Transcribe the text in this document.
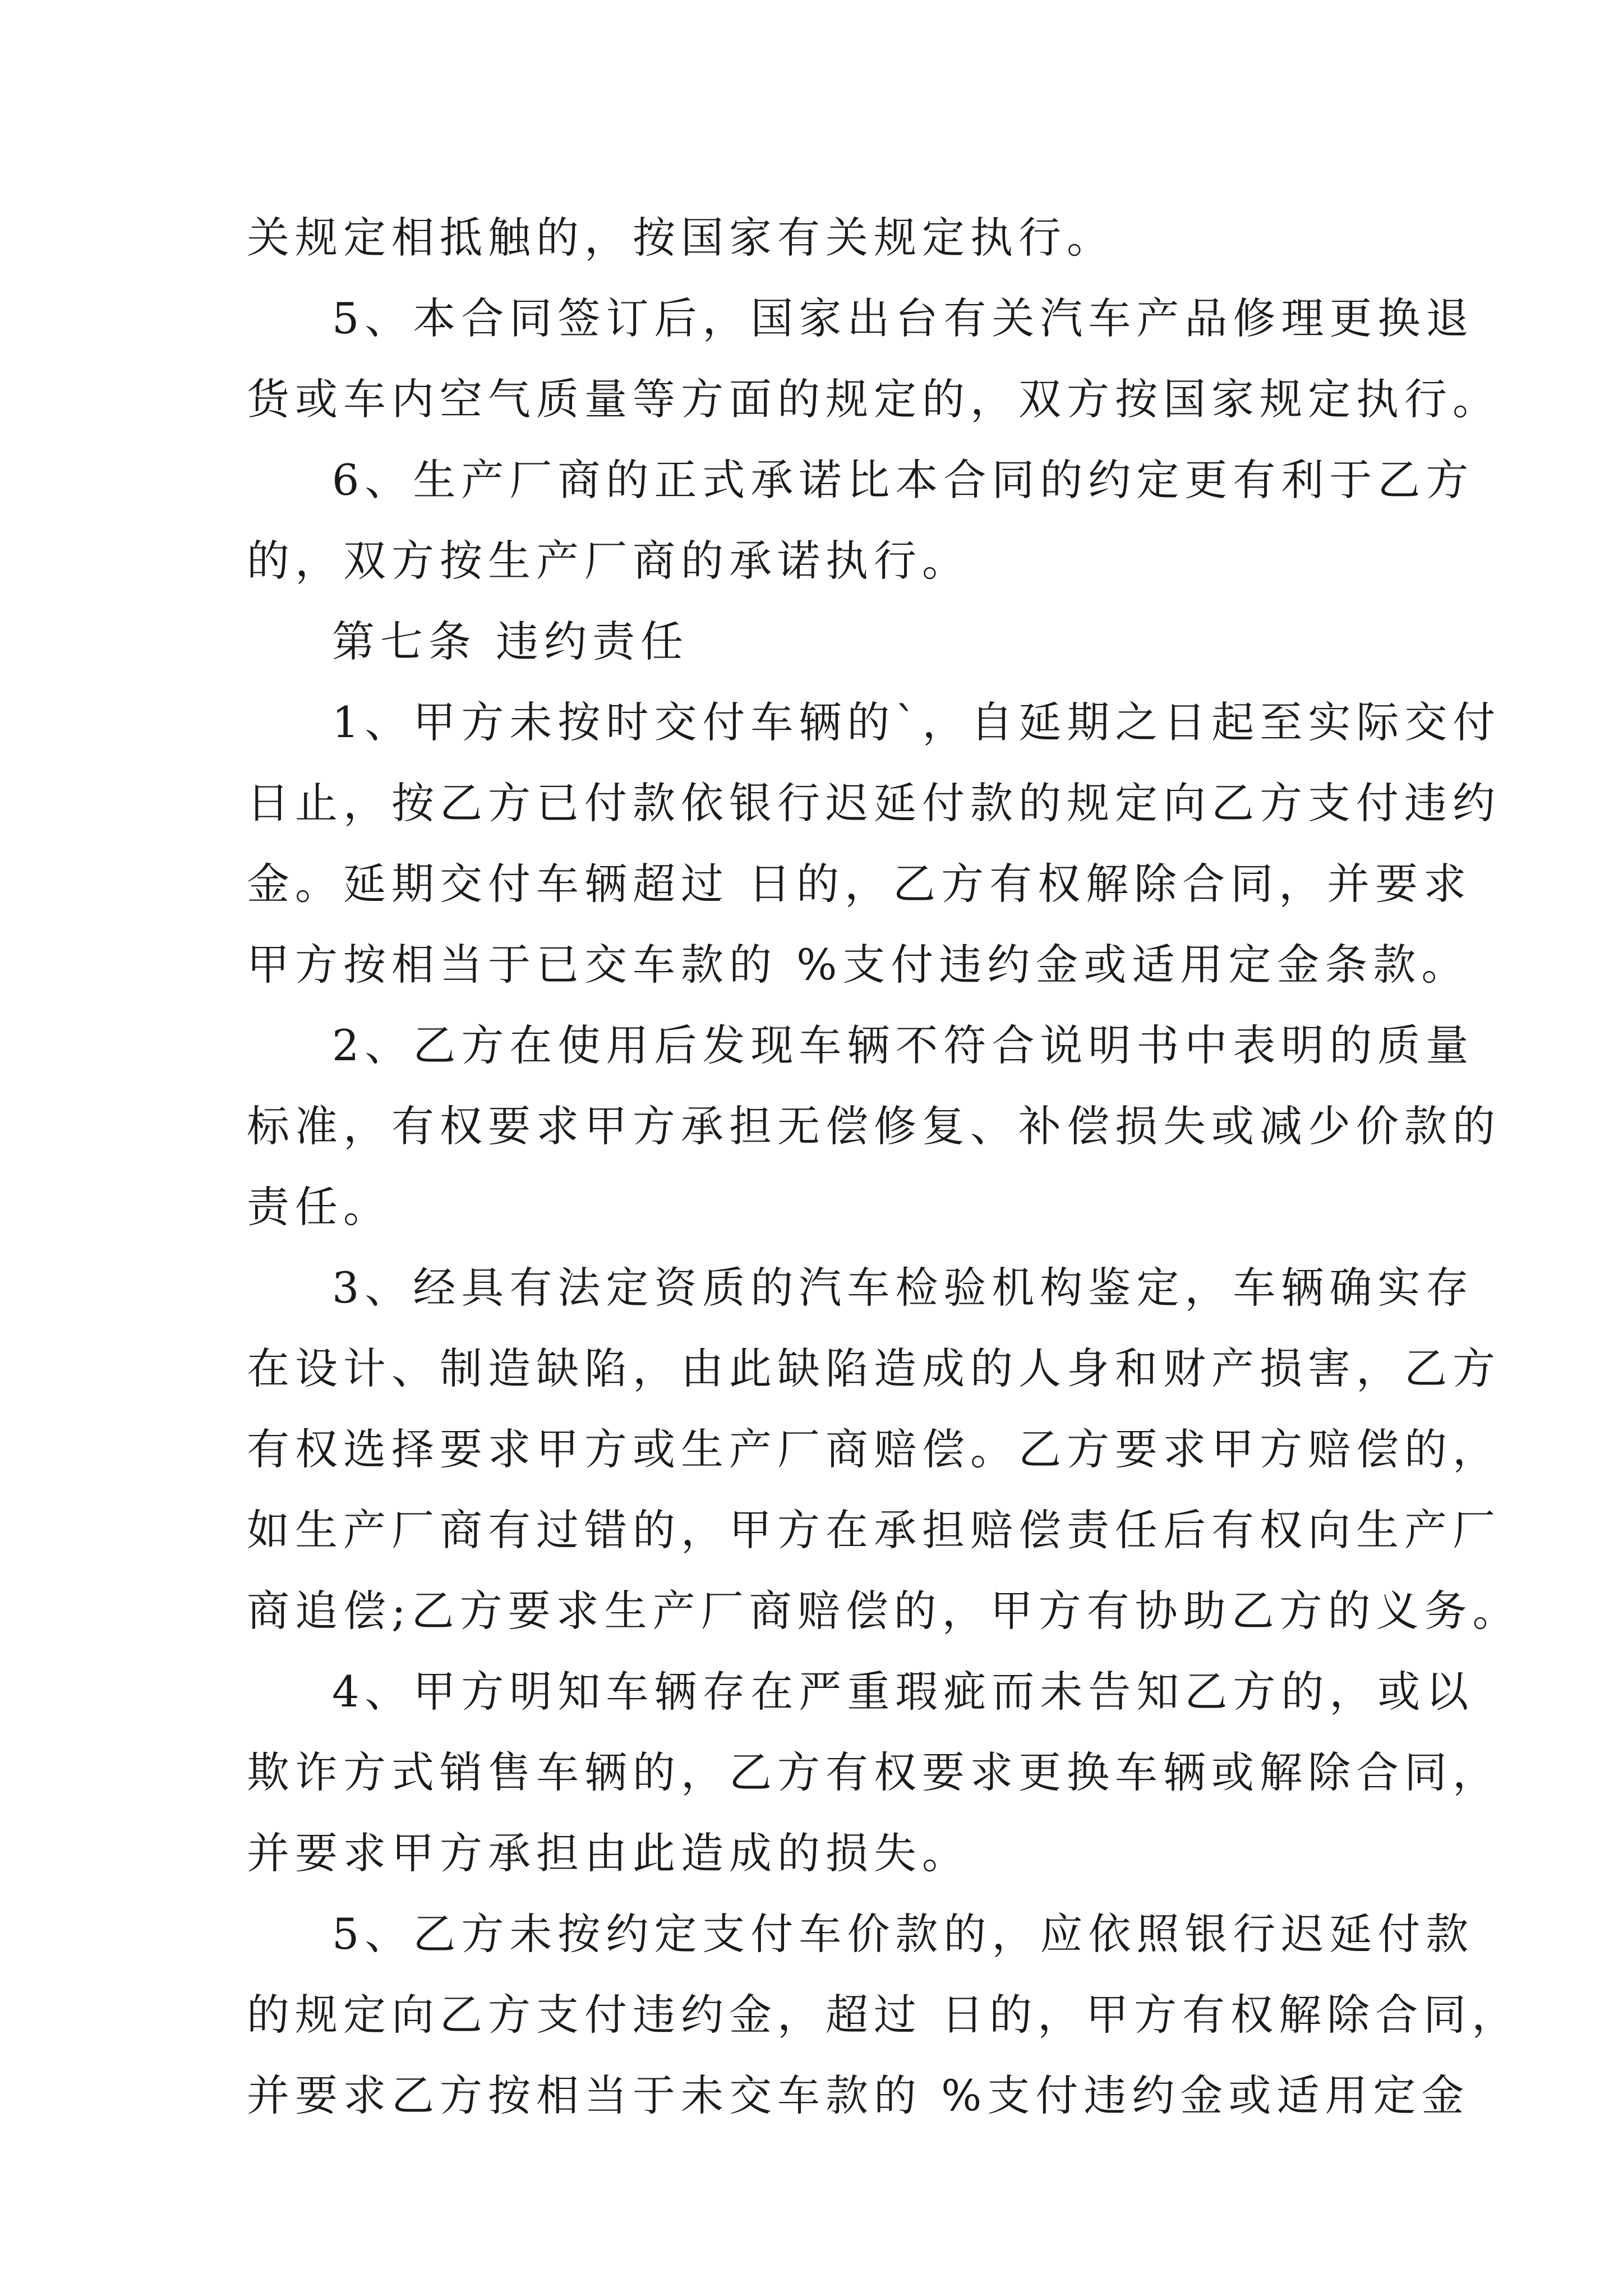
关规定相抵触的，按国家有关规定执行。
5、本合同签订后，国家出台有关汽车产品修理更换退
货或车内空气质量等方面的规定的，双方按国家规定执行。
6、生产厂商的正式承诺比本合同的约定更有利于乙方
的，双方按生产厂商的承诺执行。
第七条 违约责任
1、甲方未按时交付车辆的`，自延期之日起至实际交付
日止，按乙方已付款依银行迟延付款的规定向乙方支付违约
金。延期交付车辆超过 日的，乙方有权解除合同，并要求
甲方按相当于已交车款的 %支付违约金或适用定金条款。
2、乙方在使用后发现车辆不符合说明书中表明的质量
标准，有权要求甲方承担无偿修复、补偿损失或减少价款的
责任。
3、经具有法定资质的汽车检验机构鉴定，车辆确实存
在设计、制造缺陷，由此缺陷造成的人身和财产损害，乙方
有权选择要求甲方或生产厂商赔偿。乙方要求甲方赔偿的，
如生产厂商有过错的，甲方在承担赔偿责任后有权向生产厂
商追偿;乙方要求生产厂商赔偿的，甲方有协助乙方的义务。
4、甲方明知车辆存在严重瑕疵而未告知乙方的，或以
欺诈方式销售车辆的，乙方有权要求更换车辆或解除合同，
并要求甲方承担由此造成的损失。
5、乙方未按约定支付车价款的，应依照银行迟延付款
的规定向乙方支付违约金，超过 日的，甲方有权解除合同，
并要求乙方按相当于未交车款的 %支付违约金或适用定金
